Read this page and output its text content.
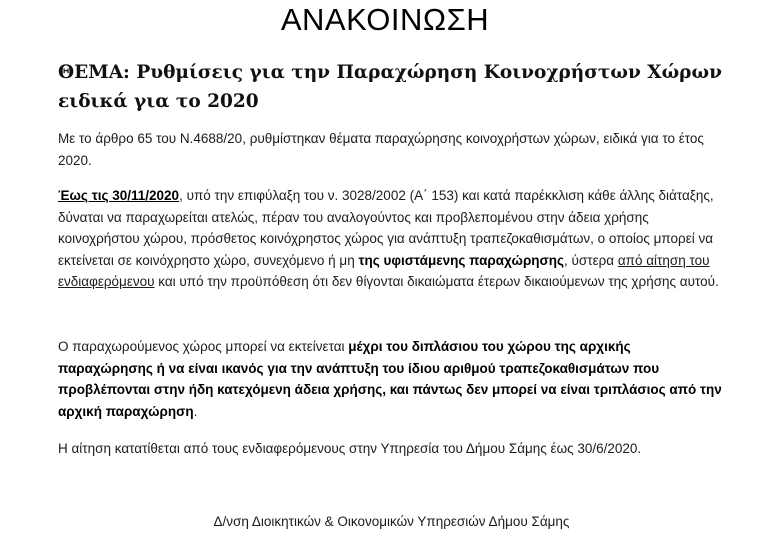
ΑΝΑΚΟΙΝΩΣΗ
ΘΕΜΑ: Ρυθμίσεις για την Παραχώρηση Κοινοχρήστων Χώρων
ειδικά για το 2020
Με το άρθρο 65 του Ν.4688/20, ρυθμίστηκαν θέματα παραχώρησης κοινοχρήστων χώρων, ειδικά για το έτος 2020.
Έως τις 30/11/2020, υπό την επιφύλαξη του ν. 3028/2002 (Α΄ 153) και κατά παρέκκλιση κάθε άλλης διάταξης, δύναται να παραχωρείται ατελώς, πέραν του αναλογούντος και προβλεπομένου στην άδεια χρήσης κοινοχρήστου χώρου, πρόσθετος κοινόχρηστος χώρος για ανάπτυξη τραπεζοκαθισμάτων, ο οποίος μπορεί να εκτείνεται σε κοινόχρηστο χώρο, συνεχόμενο ή μη της υφιστάμενης παραχώρησης, ύστερα από αίτηση του ενδιαφερόμενου και υπό την προϋπόθεση ότι δεν θίγονται δικαιώματα έτερων δικαιούμενων της χρήσης αυτού.
Ο παραχωρούμενος χώρος μπορεί να εκτείνεται μέχρι του διπλάσιου του χώρου της αρχικής παραχώρησης ή να είναι ικανός για την ανάπτυξη του ίδιου αριθμού τραπεζοκαθισμάτων που προβλέπονται στην ήδη κατεχόμενη άδεια χρήσης, και πάντως δεν μπορεί να είναι τριπλάσιος από την αρχική παραχώρηση.
Η αίτηση κατατίθεται από τους ενδιαφερόμενους στην Υπηρεσία του Δήμου Σάμης έως 30/6/2020.
Δ/νση Διοικητικών & Οικονομικών Υπηρεσιών Δήμου Σάμης
